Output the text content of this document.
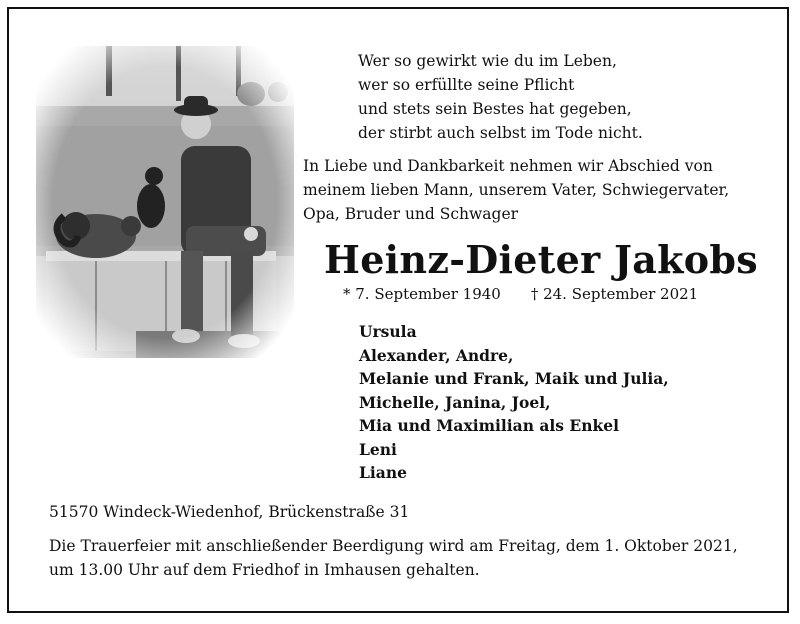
Wer so gewirkt wie du im Leben,
wer so erfüllte seine Pflicht
und stets sein Bestes hat gegeben,
der stirbt auch selbst im Tode nicht.
In Liebe und Dankbarkeit nehmen wir Abschied von
meinem lieben Mann, unserem Vater, Schwiegervater,
Opa, Bruder und Schwager
Heinz-Dieter Jakobs
* 7. September 1940 † 24. September 2021
Ursula
Alexander, Andre,
Melanie und Frank, Maik und Julia,
Michelle, Janina, Joel,
Mia und Maximilian als Enkel
Leni
Liane
51570 Windeck-Wiedenhof, Brückenstraße 31
Die Trauerfeier mit anschließender Beerdigung wird am Freitag, dem 1. Oktober 2021,
um 13.00 Uhr auf dem Friedhof in Imhausen gehalten.
